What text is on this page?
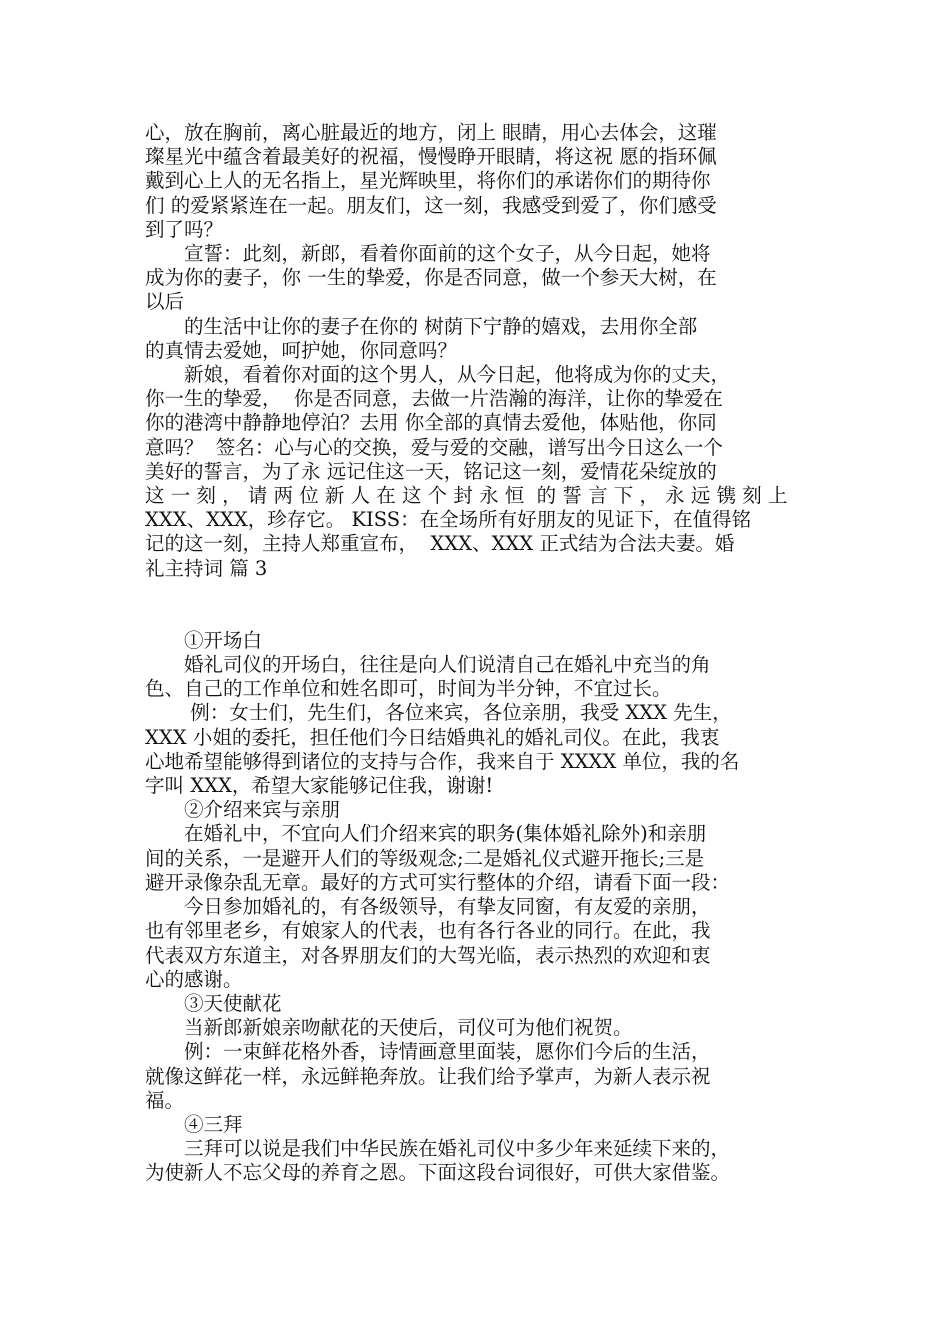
心，放在胸前，离心脏最近的地方，闭上 眼睛，用心去体会，这璀

璨星光中蕴含着最美好的祝福，慢慢睁开眼睛，将这祝 愿的指环佩

戴到心上人的无名指上，星光辉映里，将你们的承诺你们的期待你

们 的爱紧紧连在一起。朋友们，这一刻，我感受到爱了，你们感受

到了吗？

　　宣誓：此刻，新郎，看着你面前的这个女子，从今日起，她将

成为你的妻子，你 一生的挚爱，你是否同意，做一个参天大树，在

以后

　　的生活中让你的妻子在你的 树荫下宁静的嬉戏，去用你全部

的真情去爱她，呵护她，你同意吗？

　　新娘，看着你对面的这个男人，从今日起，他将成为你的丈夫，

你一生的挚爱，  你是否同意，去做一片浩瀚的海洋，让你的挚爱在

你的港湾中静静地停泊？去用 你全部的真情去爱他，体贴他，你同

意吗？  签名：心与心的交换，爱与爱的交融，谱写出今日这么一个

美好的誓言，为了永 远记住这一天，铭记这一刻，爱情花朵绽放的

这 一 刻 ， 请 两 位 新 人 在 这 个 封 永 恒  的 誓 言 下 ， 永 远 镌 刻 上

XXX、XXX，珍存它。 KISS：在全场所有好朋友的见证下，在值得铭

记的这一刻，主持人郑重宣布，  XXX、XXX 正式结为合法夫妻。婚

礼主持词 篇 3

　　①开场白

　　婚礼司仪的开场白，往往是向人们说清自己在婚礼中充当的角

色、自己的工作单位和姓名即可，时间为半分钟，不宜过长。

　　 例：女士们，先生们，各位来宾，各位亲朋，我受 XXX 先生，

XXX 小姐的委托，担任他们今日结婚典礼的婚礼司仪。在此，我衷

心地希望能够得到诸位的支持与合作，我来自于 XXXX 单位，我的名

字叫 XXX，希望大家能够记住我，谢谢!

　　②介绍来宾与亲朋

　　在婚礼中，不宜向人们介绍来宾的职务(集体婚礼除外)和亲朋

间的关系，一是避开人们的等级观念;二是婚礼仪式避开拖长;三是

避开录像杂乱无章。最好的方式可实行整体的介绍，请看下面一段：

　　今日参加婚礼的，有各级领导，有挚友同窗，有友爱的亲朋，

也有邻里老乡，有娘家人的代表，也有各行各业的同行。在此，我

代表双方东道主，对各界朋友们的大驾光临，表示热烈的欢迎和衷

心的感谢。

　　③天使献花

　　当新郎新娘亲吻献花的天使后，司仪可为他们祝贺。

　　例：一束鲜花格外香，诗情画意里面装，愿你们今后的生活，

就像这鲜花一样，永远鲜艳奔放。让我们给予掌声，为新人表示祝

福。

　　④三拜

　　三拜可以说是我们中华民族在婚礼司仪中多少年来延续下来的，

为使新人不忘父母的养育之恩。下面这段台词很好，可供大家借鉴。
